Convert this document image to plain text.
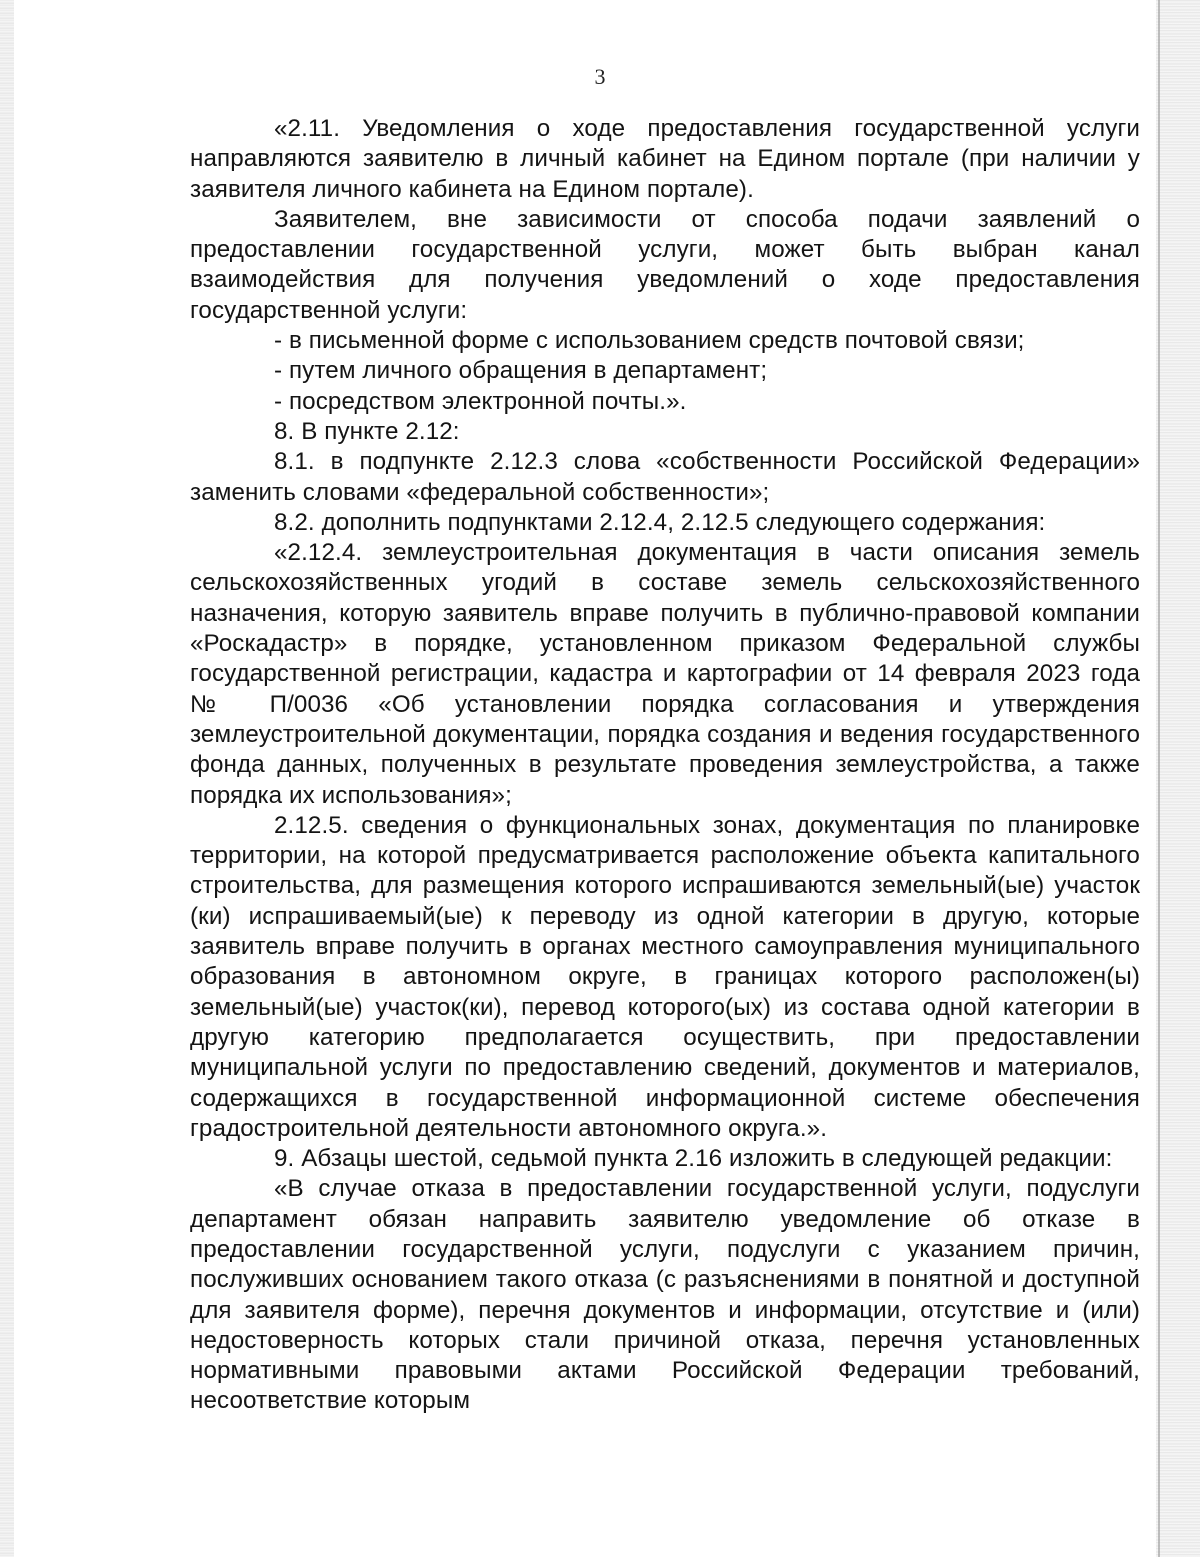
3

«2.11. Уведомления о ходе предоставления государственной услуги направляются заявителю в личный кабинет на Едином портале (при наличии у заявителя личного кабинета на Едином портале).

Заявителем, вне зависимости от способа подачи заявлений о предоставлении государственной услуги, может быть выбран канал взаимодействия для получения уведомлений о ходе предоставления государственной услуги:

- в письменной форме с использованием средств почтовой связи;

- путем личного обращения в департамент;

- посредством электронной почты.».

8. В пункте 2.12:

8.1. в подпункте 2.12.3 слова «собственности Российской Федерации» заменить словами «федеральной собственности»;

8.2. дополнить подпунктами 2.12.4, 2.12.5 следующего содержания:

«2.12.4. землеустроительная документация в части описания земель сельскохозяйственных угодий в составе земель сельскохозяйственного назначения, которую заявитель вправе получить в публично-правовой компании «Роскадастр» в порядке, установленном приказом Федеральной службы государственной регистрации, кадастра и картографии от 14 февраля 2023 года № П/0036 «Об установлении порядка согласования и утверждения землеустроительной документации, порядка создания и ведения государственного фонда данных, полученных в результате проведения землеустройства, а также порядка их использования»;

2.12.5. сведения о функциональных зонах, документация по планировке территории, на которой предусматривается расположение объекта капитального строительства, для размещения которого испрашиваются земельный(ые) участок (ки) испрашиваемый(ые) к переводу из одной категории в другую, которые заявитель вправе получить в органах местного самоуправления муниципального образования в автономном округе, в границах которого расположен(ы) земельный(ые) участок(ки), перевод которого(ых) из состава одной категории в другую категорию предполагается осуществить, при предоставлении муниципальной услуги по предоставлению сведений, документов и материалов, содержащихся в государственной информационной системе обеспечения градостроительной деятельности автономного округа.».

9. Абзацы шестой, седьмой пункта 2.16 изложить в следующей редакции:

«В случае отказа в предоставлении государственной услуги, подуслуги департамент обязан направить заявителю уведомление об отказе в предоставлении государственной услуги, подуслуги с указанием причин, послуживших основанием такого отказа (с разъяснениями в понятной и доступной для заявителя форме), перечня документов и информации, отсутствие и (или) недостоверность которых стали причиной отказа, перечня установленных нормативными правовыми актами Российской Федерации требований, несоответствие которым
